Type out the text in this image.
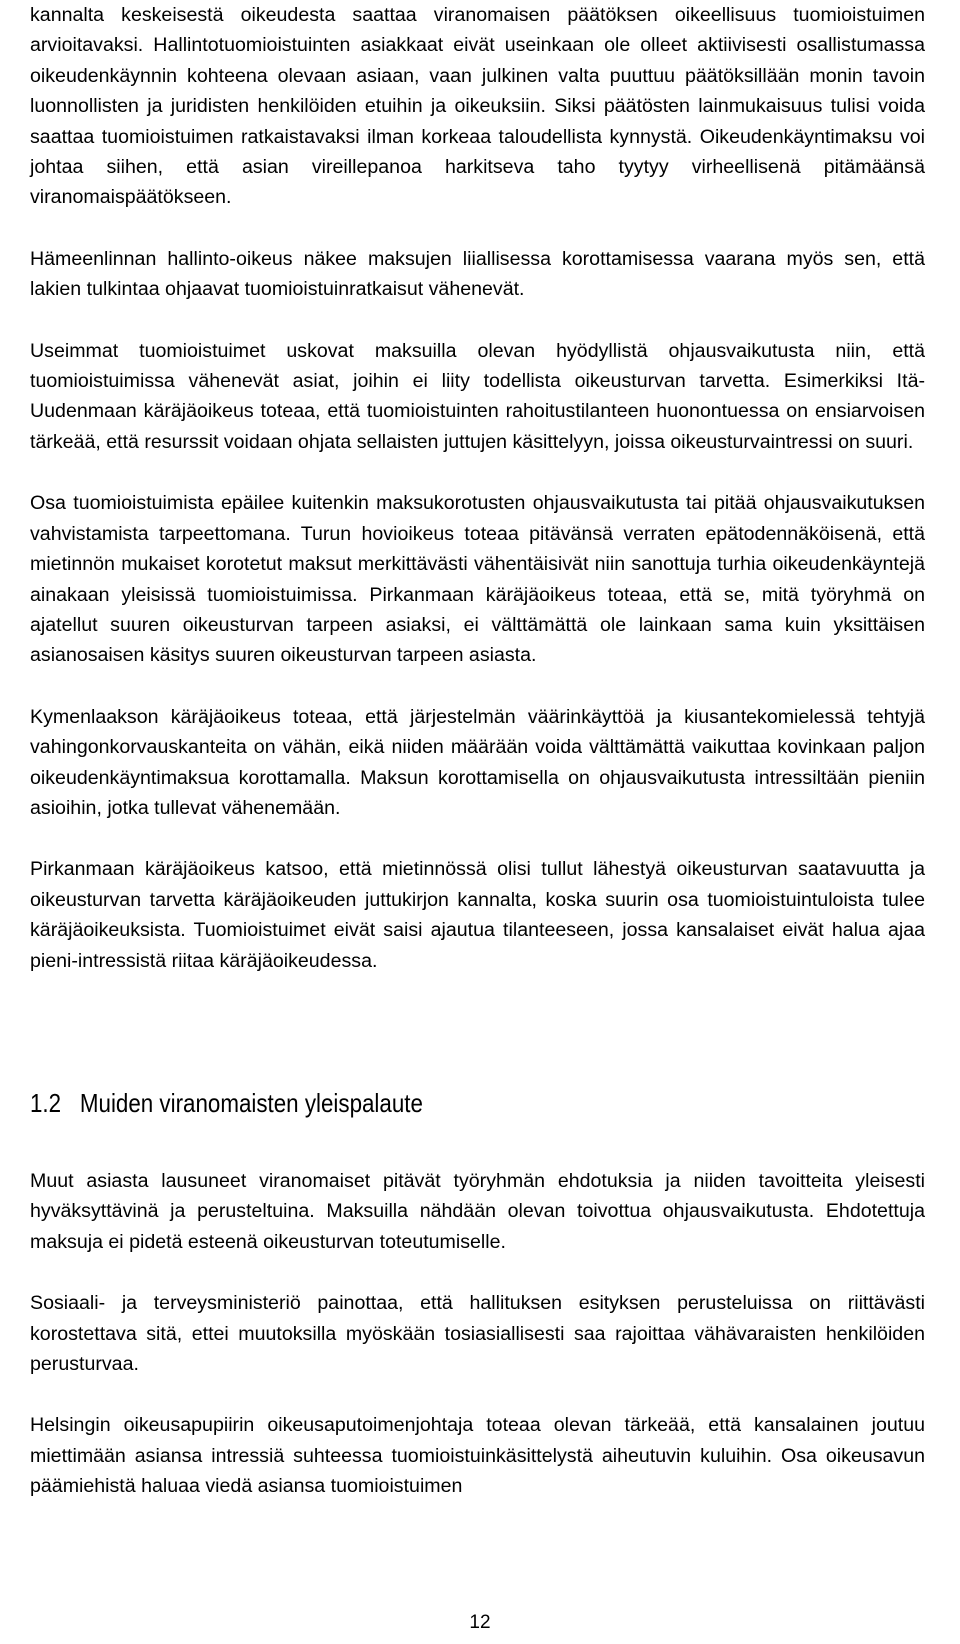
kannalta keskeisestä oikeudesta saattaa viranomaisen päätöksen oikeellisuus tuomioistuimen arvioitavaksi. Hallintotuomioistuinten asiakkaat eivät useinkaan ole olleet aktiivisesti osallistumassa oikeudenkäynnin kohteena olevaan asiaan, vaan julkinen valta puuttuu päätöksillään monin tavoin luonnollisten ja juridisten henkilöiden etuihin ja oikeuksiin. Siksi päätösten lainmukaisuus tulisi voida saattaa tuomioistuimen ratkaistavaksi ilman korkeaa taloudellista kynnystä. Oikeudenkäyntimaksu voi johtaa siihen, että asian vireillepanoa harkitseva taho tyytyy virheellisenä pitämäänsä viranomaispäätökseen.

Hämeenlinnan hallinto-oikeus näkee maksujen liiallisessa korottamisessa vaarana myös sen, että lakien tulkintaa ohjaavat tuomioistuinratkaisut vähenevät.

Useimmat tuomioistuimet uskovat maksuilla olevan hyödyllistä ohjausvaikutusta niin, että tuomioistuimissa vähenevät asiat, joihin ei liity todellista oikeusturvan tarvetta. Esimerkiksi Itä-Uudenmaan käräjäoikeus toteaa, että tuomioistuinten rahoitustilanteen huonontuessa on ensiarvoisen tärkeää, että resurssit voidaan ohjata sellaisten juttujen käsittelyyn, joissa oikeusturvaintressi on suuri.

Osa tuomioistuimista epäilee kuitenkin maksukorotusten ohjausvaikutusta tai pitää ohjausvaikutuksen vahvistamista tarpeettomana. Turun hovioikeus toteaa pitävänsä verraten epätodennäköisenä, että mietinnön mukaiset korotetut maksut merkittävästi vähentäisivät niin sanottuja turhia oikeudenkäyntejä ainakaan yleisissä tuomioistuimissa. Pirkanmaan käräjäoikeus toteaa, että se, mitä työryhmä on ajatellut suuren oikeusturvan tarpeen asiaksi, ei välttämättä ole lainkaan sama kuin yksittäisen asianosaisen käsitys suuren oikeusturvan tarpeen asiasta.

Kymenlaakson käräjäoikeus toteaa, että järjestelmän väärinkäyttöä ja kiusantekomielessä tehtyjä vahingonkorvauskanteita on vähän, eikä niiden määrään voida välttämättä vaikuttaa kovinkaan paljon oikeudenkäyntimaksua korottamalla. Maksun korottamisella on ohjausvaikutusta intressiltään pieniin asioihin, jotka tullevat vähenemään.

Pirkanmaan käräjäoikeus katsoo, että mietinnössä olisi tullut lähestyä oikeusturvan saatavuutta ja oikeusturvan tarvetta käräjäoikeuden juttukirjon kannalta, koska suurin osa tuomioistuintuloista tulee käräjäoikeuksista. Tuomioistuimet eivät saisi ajautua tilanteeseen, jossa kansalaiset eivät halua ajaa pieni-intressistä riitaa käräjäoikeudessa.

1.2 Muiden viranomaisten yleispalaute

Muut asiasta lausuneet viranomaiset pitävät työryhmän ehdotuksia ja niiden tavoitteita yleisesti hyväksyttävinä ja perusteltuina. Maksuilla nähdään olevan toivottua ohjausvaikutusta. Ehdotettuja maksuja ei pidetä esteenä oikeusturvan toteutumiselle.

Sosiaali- ja terveysministeriö painottaa, että hallituksen esityksen perusteluissa on riittävästi korostettava sitä, ettei muutoksilla myöskään tosiasiallisesti saa rajoittaa vähävaraisten henkilöiden perusturvaa.

Helsingin oikeusapupiirin oikeusaputoimenjohtaja toteaa olevan tärkeää, että kansalainen joutuu miettimään asiansa intressiä suhteessa tuomioistuinkäsittelystä aiheutuvin kuluihin. Osa oikeusavun päämiehistä haluaa viedä asiansa tuomioistuimen

12
